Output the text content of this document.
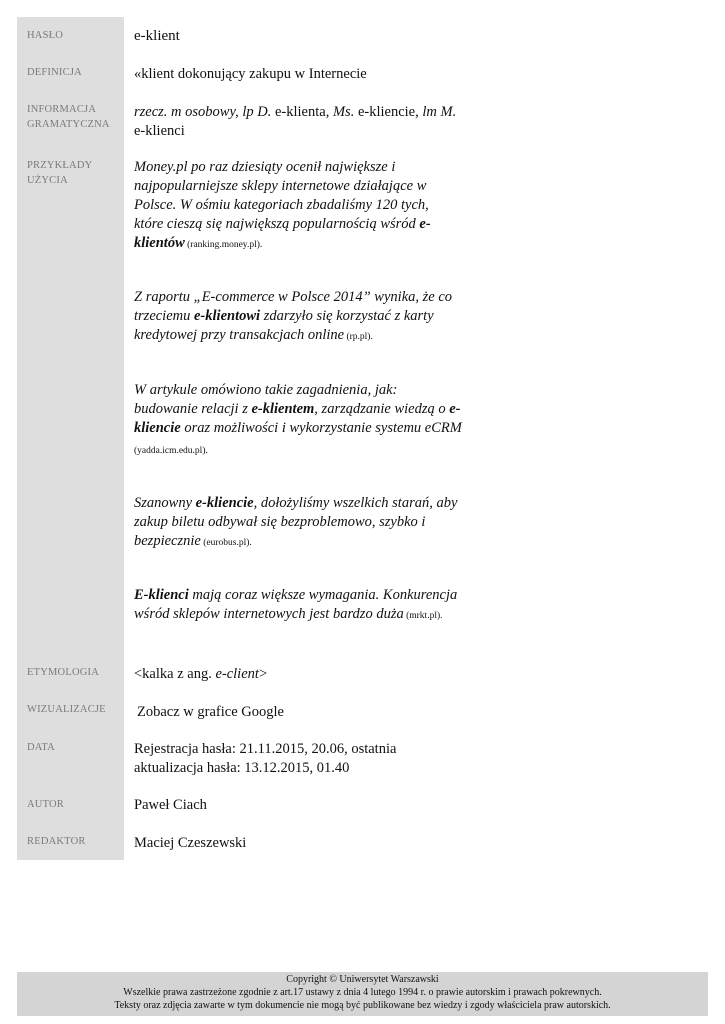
HASŁO	e-klient
DEFINICJA	«klient dokonujący zakupu w Internecie
INFORMACJA GRAMATYCZNA
rzecz. m osobowy, lp D. e-klienta, Ms. e-kliencie, lm M.
e-klienci
PRZYKŁADY UŻYCIA
Money.pl po raz dziesiąty ocenił największe i najpopularniejsze sklepy internetowe działające w Polsce. W ośmiu kategoriach zbadaliśmy 120 tych, które cieszą się największą popularnością wśród e-klientów (ranking.money.pl).
Z raportu „E-commerce w Polsce 2014” wynika, że co trzeciemu e-klientowi zdarzyło się korzystać z karty kredytowej przy transakcjach online (rp.pl).
W artykule omówiono takie zagadnienia, jak: budowanie relacji z e-klientem, zarządzanie wiedzą o e-kliencie oraz możliwości i wykorzystanie systemu eCRM (yadda.icm.edu.pl).
Szanowny e-kliencie, dołożyliśmy wszelkich starań, aby zakup biletu odbywał się bezproblemowo, szybko i bezpiecznie (eurobus.pl).
E-klienci mają coraz większe wymagania. Konkurencja wśród sklepów internetowych jest bardzo duża (mrkt.pl).
ETYMOLOGIA <kalka z ang. e-client>
WIZUALIZACJE Zobacz w grafice Google
DATA	Rejestracja hasła: 21.11.2015, 20.06, ostatnia
aktualizacja hasła: 13.12.2015, 01.40
AUTOR	Paweł Ciach
REDAKTOR	Maciej Czeszewski
Copyright © Uniwersytet Warszawski
Wszelkie prawa zastrzeżone zgodnie z art.17 ustawy z dnia 4 lutego 1994 r. o prawie autorskim i prawach pokrewnych.
Teksty oraz zdjęcia zawarte w tym dokumencie nie mogą być publikowane bez wiedzy i zgody właściciela praw autorskich.
